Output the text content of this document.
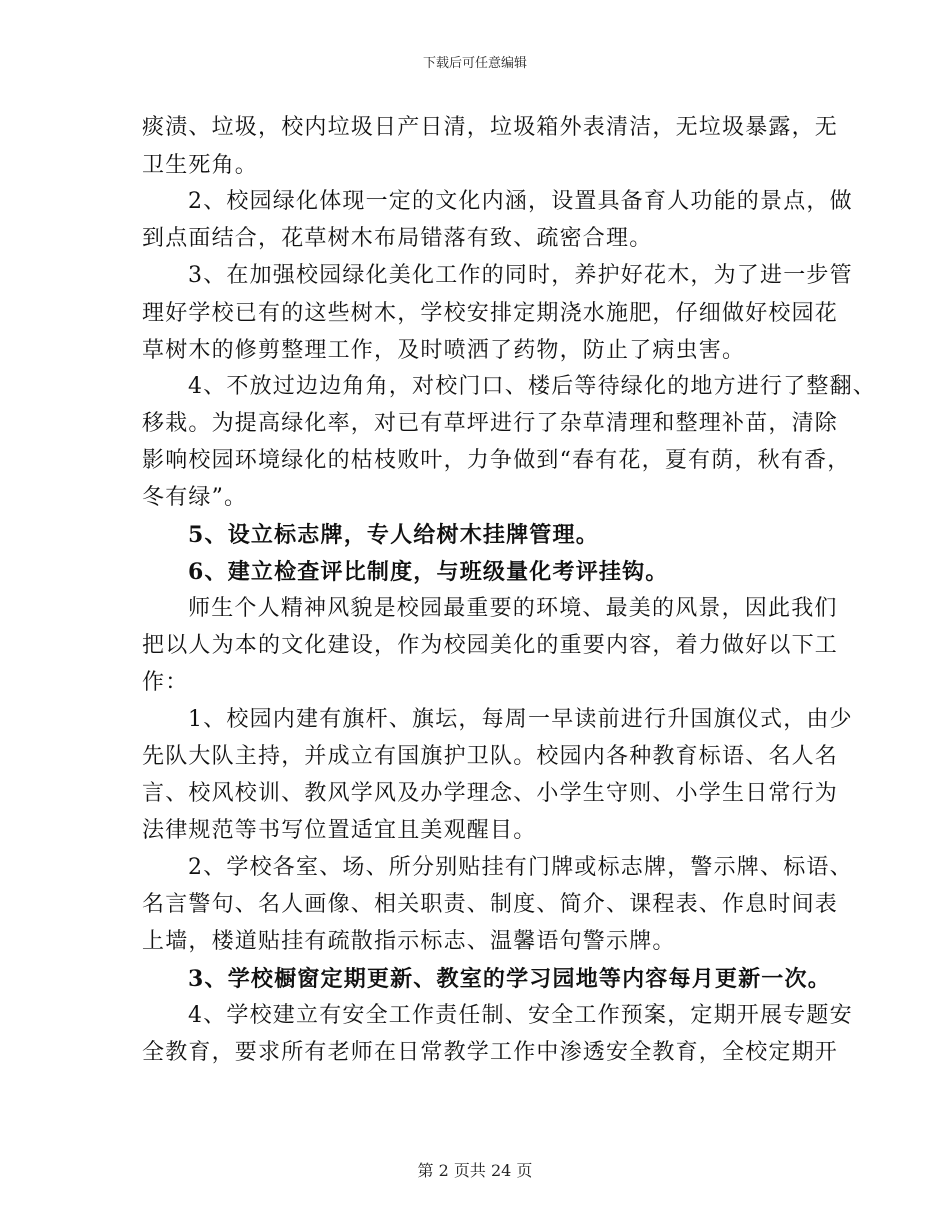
下载后可任意编辑
痰渍、垃圾，校内垃圾日产日清，垃圾箱外表清洁，无垃圾暴露，无
卫生死角。
2、校园绿化体现一定的文化内涵，设置具备育人功能的景点，做
到点面结合，花草树木布局错落有致、疏密合理。
3、在加强校园绿化美化工作的同时，养护好花木，为了进一步管
理好学校已有的这些树木，学校安排定期浇水施肥，仔细做好校园花
草树木的修剪整理工作，及时喷洒了药物，防止了病虫害。
4、不放过边边角角，对校门口、楼后等待绿化的地方进行了整翻、
移栽。为提高绿化率，对已有草坪进行了杂草清理和整理补苗，清除
影响校园环境绿化的枯枝败叶，力争做到“春有花，夏有荫，秋有香，
冬有绿”。
5、设立标志牌，专人给树木挂牌管理。
6、建立检查评比制度，与班级量化考评挂钩。
师生个人精神风貌是校园最重要的环境、最美的风景，因此我们
把以人为本的文化建设，作为校园美化的重要内容，着力做好以下工
作：
1、校园内建有旗杆、旗坛，每周一早读前进行升国旗仪式，由少
先队大队主持，并成立有国旗护卫队。校园内各种教育标语、名人名
言、校风校训、教风学风及办学理念、小学生守则、小学生日常行为
法律规范等书写位置适宜且美观醒目。
2、学校各室、场、所分别贴挂有门牌或标志牌，警示牌、标语、
名言警句、名人画像、相关职责、制度、简介、课程表、作息时间表
上墙，楼道贴挂有疏散指示标志、温馨语句警示牌。
3、学校橱窗定期更新、教室的学习园地等内容每月更新一次。
4、学校建立有安全工作责任制、安全工作预案，定期开展专题安
全教育，要求所有老师在日常教学工作中渗透安全教育，全校定期开
第 2 页共 24 页
